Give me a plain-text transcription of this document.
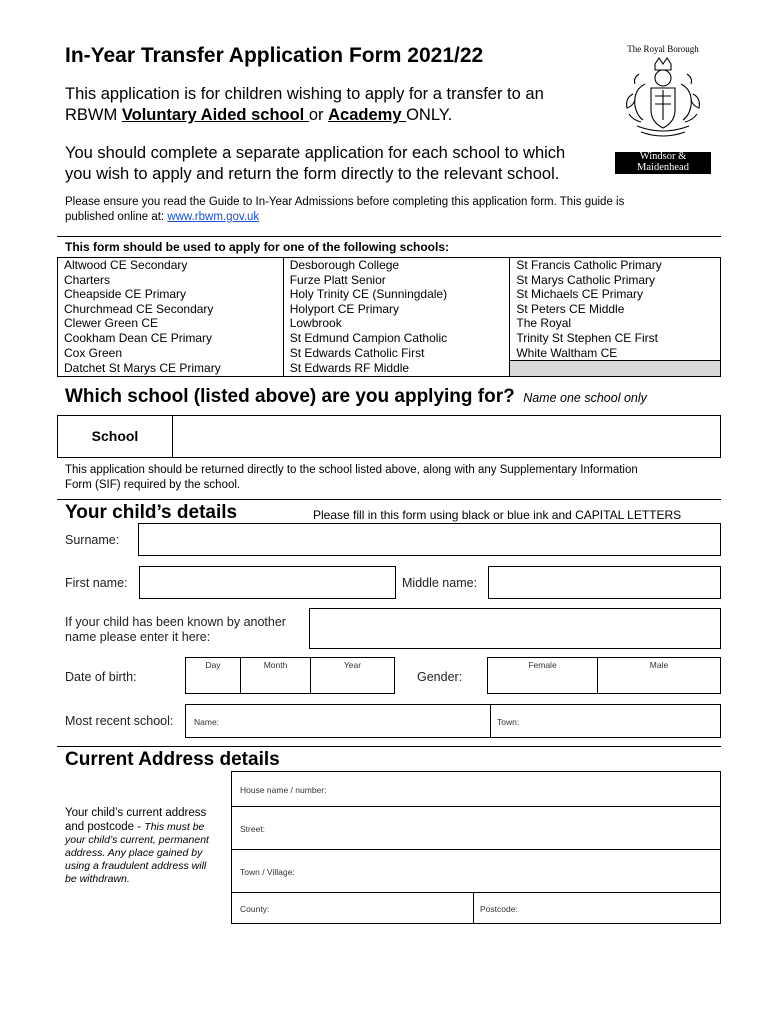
In-Year Transfer Application Form 2021/22
This application is for children wishing to apply for a transfer to an
RBWM Voluntary Aided school or Academy ONLY.
You should complete a separate application for each school to which
you wish to apply and return the form directly to the relevant school.
Please ensure you read the Guide to In-Year Admissions before completing this application form. This guide is
published online at: www.rbwm.gov.uk
The Royal Borough
Windsor &
Maidenhead
This form should be used to apply for one of the following schools:
Altwood CE Secondary	Desborough College	St Francis Catholic Primary
Charters	Furze Platt Senior	St Marys Catholic Primary
Cheapside CE Primary	Holy Trinity CE (Sunningdale)	St Michaels CE Primary
Churchmead CE Secondary	Holyport CE Primary	St Peters CE Middle
Clewer Green CE	Lowbrook	The Royal
Cookham Dean CE Primary	St Edmund Campion Catholic	Trinity St Stephen CE First
Cox Green	St Edwards Catholic First	White Waltham CE
Datchet St Marys CE Primary	St Edwards RF Middle	
Which school (listed above) are you applying for? Name one school only
School
This application should be returned directly to the school listed above, along with any Supplementary Information
Form (SIF) required by the school.
Your child’s details	Please fill in this form using black or blue ink and CAPITAL LETTERS
Surname:
First name:	Middle name:
If your child has been known by another
name please enter it here:
Date of birth:
Day	Month	Year
Gender:
Female	Male
Most recent school: Name:	Town:
Current Address details
Your child’s current address
and postcode - This must be
your child’s current, permanent
address. Any place gained by
using a fraudulent address will
be withdrawn.
House name / number:
Street:
Town / Village:
County:	Postcode:
